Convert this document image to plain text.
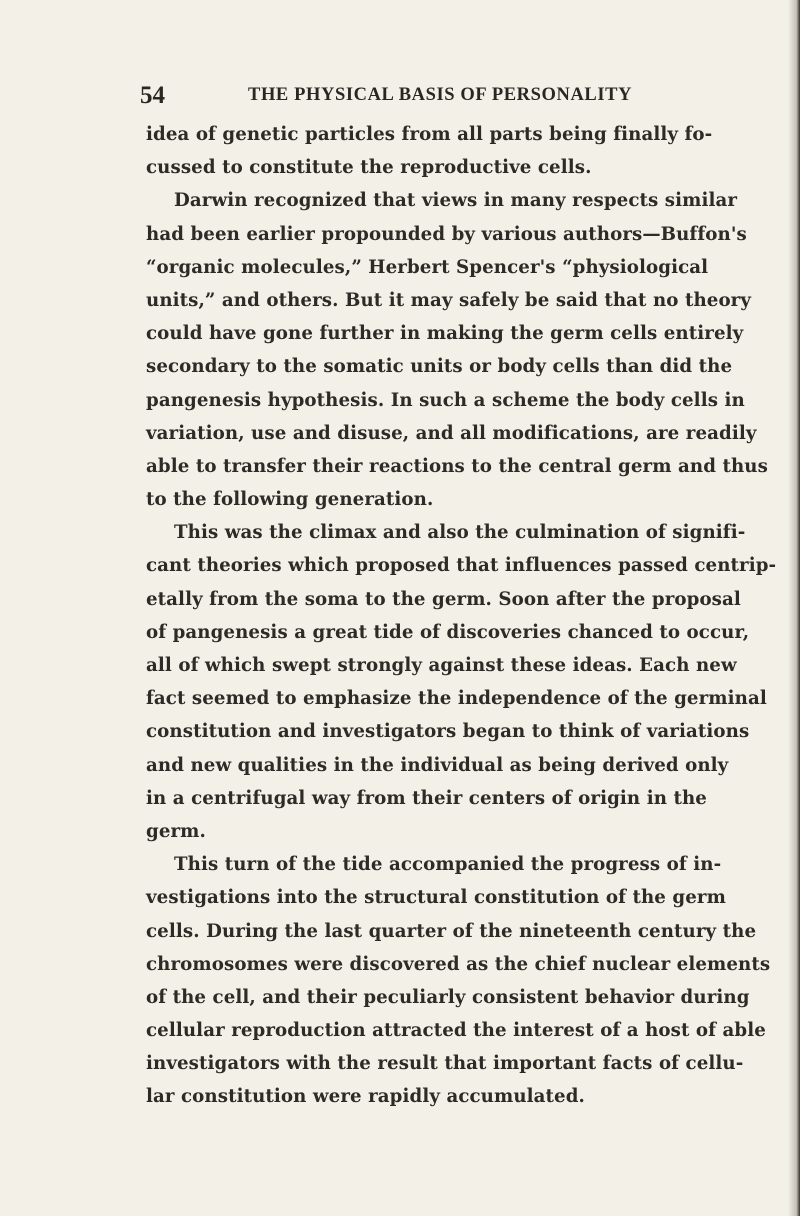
54	THE PHYSICAL BASIS OF PERSONALITY
idea of genetic particles from all parts being finally fo-
cussed to constitute the reproductive cells.
Darwin recognized that views in many respects similar
had been earlier propounded by various authors—Buffon's
“organic molecules,” Herbert Spencer's “physiological
units,” and others. But it may safely be said that no theory
could have gone further in making the germ cells entirely
secondary to the somatic units or body cells than did the
pangenesis hypothesis. In such a scheme the body cells in
variation, use and disuse, and all modifications, are readily
able to transfer their reactions to the central germ and thus
to the following generation.
This was the climax and also the culmination of signifi-
cant theories which proposed that influences passed centrip-
etally from the soma to the germ. Soon after the proposal
of pangenesis a great tide of discoveries chanced to occur,
all of which swept strongly against these ideas. Each new
fact seemed to emphasize the independence of the germinal
constitution and investigators began to think of variations
and new qualities in the individual as being derived only
in a centrifugal way from their centers of origin in the
germ.
This turn of the tide accompanied the progress of in-
vestigations into the structural constitution of the germ
cells. During the last quarter of the nineteenth century the
chromosomes were discovered as the chief nuclear elements
of the cell, and their peculiarly consistent behavior during
cellular reproduction attracted the interest of a host of able
investigators with the result that important facts of cellu-
lar constitution were rapidly accumulated.
